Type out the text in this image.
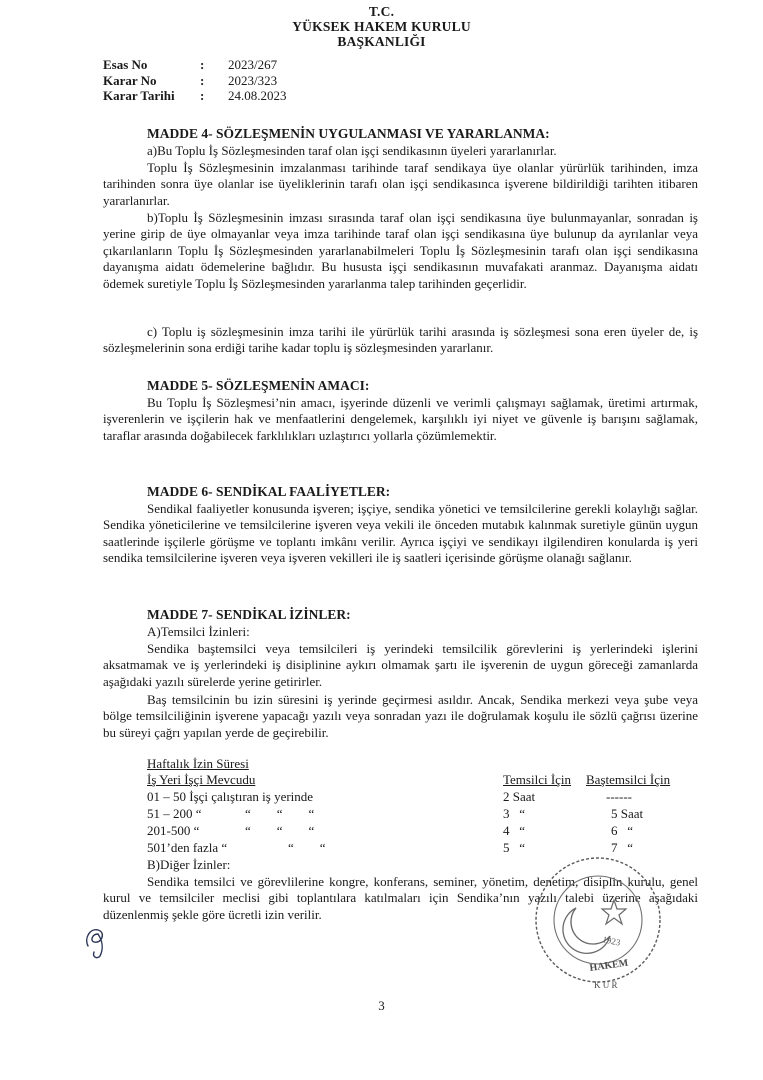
T.C.
YÜKSEK HAKEM KURULU
BAŞKANLIĞI
Esas No	:	2023/267
Karar No	:	2023/323
Karar Tarihi	:	24.08.2023
MADDE 4- SÖZLEŞMENİN UYGULANMASI VE YARARLANMA:
a)Bu Toplu İş Sözleşmesinden taraf olan işçi sendikasının üyeleri yararlanırlar.
Toplu İş Sözleşmesinin imzalanması tarihinde taraf sendikaya üye olanlar yürürlük tarihinden, imza tarihinden sonra üye olanlar ise üyeliklerinin tarafı olan işçi sendikasınca işverene bildirildiği tarihten itibaren yararlanırlar.
b)Toplu İş Sözleşmesinin imzası sırasında taraf olan işçi sendikasına üye bulunmayanlar, sonradan iş yerine girip de üye olmayanlar veya imza tarihinde taraf olan işçi sendikasına üye bulunup da ayrılanlar veya çıkarılanların Toplu İş Sözleşmesinden yararlanabilmeleri Toplu İş Sözleşmesinin tarafı olan işçi sendikasına dayanışma aidatı ödemelerine bağlıdır. Bu hususta işçi sendikasının muvafakati aranmaz. Dayanışma aidatı ödemek suretiyle Toplu İş Sözleşmesinden yararlanma talep tarihinden geçerlidir.
c) Toplu iş sözleşmesinin imza tarihi ile yürürlük tarihi arasında iş sözleşmesi sona eren üyeler de, iş sözleşmelerinin sona erdiği tarihe kadar toplu iş sözleşmesinden yararlanır.
MADDE 5- SÖZLEŞMENİN AMACI:
Bu Toplu İş Sözleşmesi’nin amacı, işyerinde düzenli ve verimli çalışmayı sağlamak, üretimi artırmak, işverenlerin ve işçilerin hak ve menfaatlerini dengelemek, karşılıklı iyi niyet ve güvenle iş barışını sağlamak, taraflar arasında doğabilecek farklılıkları uzlaştırıcı yollarla çözümlemektir.
MADDE 6- SENDİKAL FAALİYETLER:
Sendikal faaliyetler konusunda işveren; işçiye, sendika yönetici ve temsilcilerine gerekli kolaylığı sağlar. Sendika yöneticilerine ve temsilcilerine işveren veya vekili ile önceden mutabık kalınmak suretiyle günün uygun saatlerinde işçilerle görüşme ve toplantı imkânı verilir. Ayrıca işçiyi ve sendikayı ilgilendiren konularda iş yeri sendika temsilcilerine işveren veya işveren vekilleri ile iş saatleri içerisinde görüşme olanağı sağlanır.
MADDE 7- SENDİKAL İZİNLER:
A)Temsilci İzinleri:
Sendika baştemsilci veya temsilcileri iş yerindeki temsilcilik görevlerini iş yerlerindeki işlerini aksatmamak ve iş yerlerindeki iş disiplinine aykırı olmamak şartı ile işverenin de uygun göreceği zamanlarda aşağıdaki yazılı sürelerde yerine getirirler.
Baş temsilcinin bu izin süresini iş yerinde geçirmesi asıldır. Ancak, Sendika merkezi veya şube veya bölge temsilciliğinin işverene yapacağı yazılı veya sonradan yazı ile doğrulamak koşulu ile sözlü çağrısı üzerine bu süreyi çağrı yapılan yerde de geçirebilir.
Haftalık İzin Süresi
İş Yeri İşçi Mevcudu	Temsilci İçin Baştemsilci İçin
01 – 50 İşçi çalıştıran iş yerinde	2 Saat	------
51 – 200 “	“        “        “	3   “	5 Saat
201-500 “	“        “        “	4   “	6   “
501’den fazla “	“        “	5   “	7   “
B)Diğer İzinler:
Sendika temsilci ve görevlilerine kongre, konferans, seminer, yönetim, denetim, disiplin kurulu, genel kurul ve temsilciler meclisi gibi toplantılara katılmaları için Sendika’nın yazılı talebi üzerine aşağıdaki düzenlenmiş şekle göre ücretli izin verilir.
1923
HAKEM
K U R
3
